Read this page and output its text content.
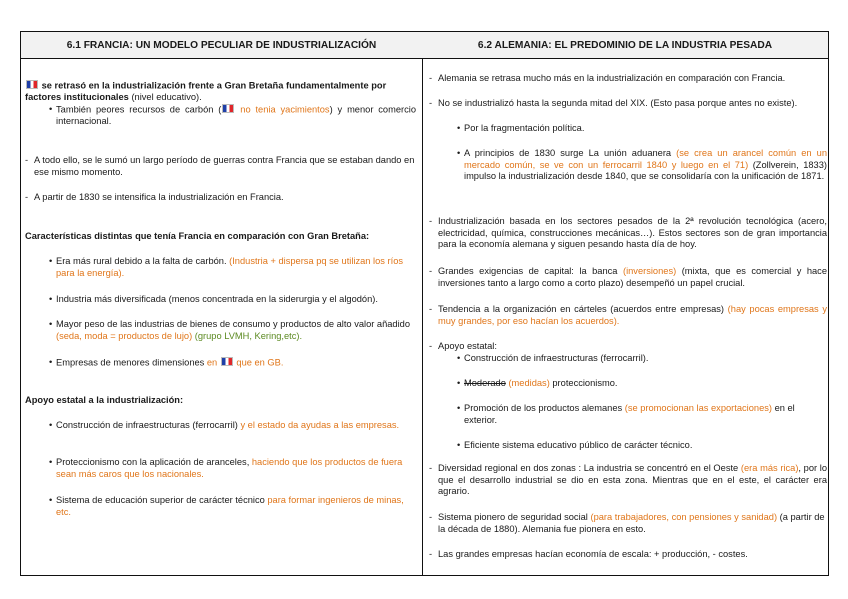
6.1 FRANCIA: UN MODELO PECULIAR DE INDUSTRIALIZACIÓN	6.2 ALEMANIA: EL PREDOMINIO DE LA INDUSTRIA PESADA
se retrasó en la industrialización frente a Gran Bretaña fundamentalmente por factores institucionales (nivel educativo).
• También peores recursos de carbón ( no tenia yacimientos) y menor comercio internacional.
- A todo ello, se le sumó un largo período de guerras contra Francia que se estaban dando en ese mismo momento.
- A partir de 1830 se intensifica la industrialización en Francia.
Características distintas que tenía Francia en comparación con Gran Bretaña:
• Era más rural debido a la falta de carbón. (Industria + dispersa pq se utilizan los ríos para la energía).
• Industria más diversificada (menos concentrada en la siderurgia y el algodón).
• Mayor peso de las industrias de bienes de consumo y productos de alto valor añadido (seda, moda = productos de lujo) (grupo LVMH, Kering,etc).
• Empresas de menores dimensiones en  que en GB.
Apoyo estatal a la industrialización:
• Construcción de infraestructuras (ferrocarril) y el estado da ayudas a las empresas.
• Proteccionismo con la aplicación de aranceles, haciendo que los productos de fuera sean más caros que los nacionales.
• Sistema de educación superior de carácter técnico para formar ingenieros de minas, etc.
- Alemania se retrasa mucho más en la industrialización en comparación con Francia.
- No se industrializó hasta la segunda mitad del XIX. (Esto pasa porque antes no existe).
• Por la fragmentación política.
• A principios de 1830 surge La unión aduanera (se crea un arancel común en un mercado común, se ve con un ferrocarril 1840 y luego en el 71) (Zollverein, 1833) impulso la industrialización desde 1840, que se consolidaría con la unificación de 1871.
- Industrialización basada en los sectores pesados de la 2ª revolución tecnológica (acero, electricidad, química, construcciones mecánicas…). Estos sectores son de gran importancia para la economía alemana y siguen pesando hasta día de hoy.
- Grandes exigencias de capital: la banca (inversiones) (mixta, que es comercial y hace inversiones tanto a largo como a corto plazo) desempeñó un papel crucial.
- Tendencia a la organización en cárteles (acuerdos entre empresas) (hay pocas empresas y muy grandes, por eso hacían los acuerdos).
- Apoyo estatal:
• Construcción de infraestructuras (ferrocarril).
• Moderado (medidas) proteccionismo.
• Promoción de los productos alemanes (se promocionan las exportaciones) en el exterior.
• Eficiente sistema educativo público de carácter técnico.
- Diversidad regional en dos zonas : La industria se concentró en el Oeste (era más rica), por lo que el desarrollo industrial se dio en esta zona. Mientras que en el este, el carácter era agrario.
- Sistema pionero de seguridad social (para trabajadores, con pensiones y sanidad) (a partir de la década de 1880). Alemania fue pionera en esto.
- Las grandes empresas hacían economía de escala: + producción, - costes.
